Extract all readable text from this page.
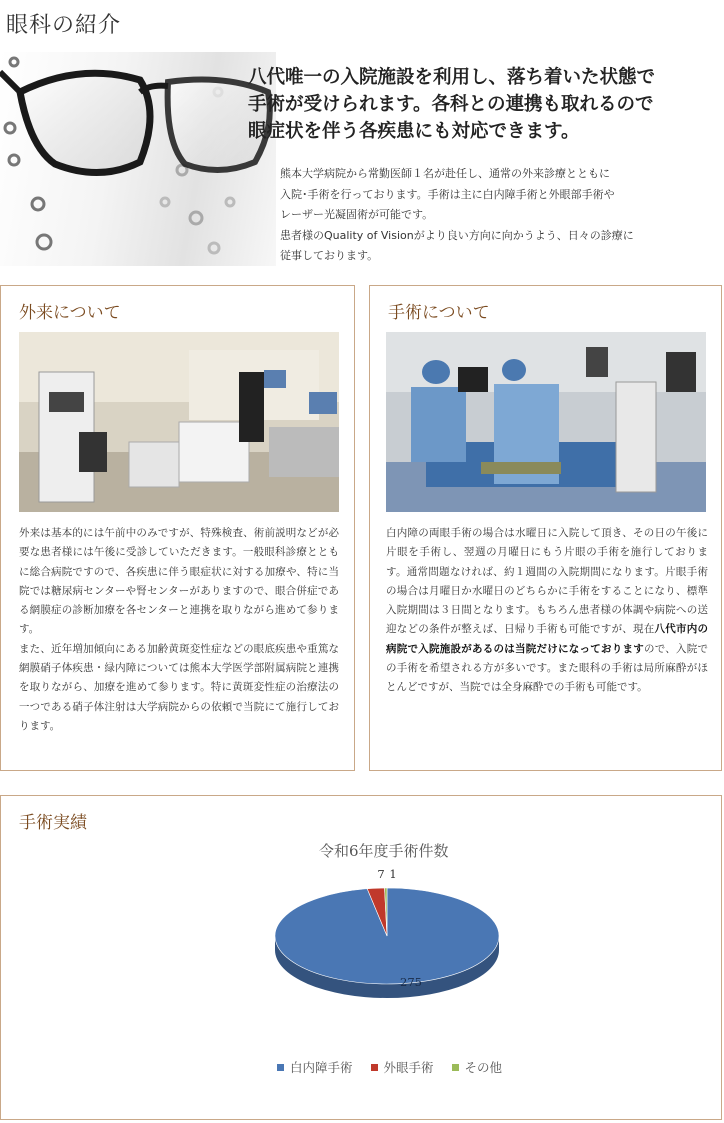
眼科の紹介
八代唯一の入院施設を利用し、落ち着いた状態で
手術が受けられます。各科との連携も取れるので
眼症状を伴う各疾患にも対応できます。
熊本大学病院から常勤医師１名が赴任し、通常の外来診療とともに
入院･手術を行っております。手術は主に白内障手術と外眼部手術や
レーザー光凝固術が可能です。
患者様のQuality of Visionがより良い方向に向かうよう、日々の診療に
従事しております。
外来について

外来は基本的には午前中のみですが、特殊検査、術前説明などが必要な患者様には午後に受診していただきます。一般眼科診療とともに総合病院ですので、各疾患に伴う眼症状に対する加療や、特に当院では糖尿病センターや腎センターがありますので、眼合併症である網膜症の診断加療を各センターと連携を取りながら進めて参ります。

また、近年増加傾向にある加齢黄斑変性症などの眼底疾患や重篤な網膜硝子体疾患・緑内障については熊本大学医学部附属病院と連携を取りながら、加療を進めて参ります。特に黄斑変性症の治療法の一つである硝子体注射は大学病院からの依頼で当院にて施行しております。

手術について

白内障の両眼手術の場合は水曜日に入院して頂き、その日の午後に片眼を手術し、翌週の月曜日にもう片眼の手術を施行しております。通常問題なければ、約１週間の入院期間になります。片眼手術の場合は月曜日か水曜日のどちらかに手術をすることになり、標準入院期間は３日間となります。もちろん患者様の体調や病院への送迎などの条件が整えば、日帰り手術も可能ですが、現在八代市内の病院で入院施設があるのは当院だけになっておりますので、入院での手術を希望される方が多いです。また眼科の手術は局所麻酔がほとんどですが、当院では全身麻酔での手術も可能です。

手術実績
令和6年度手術件数
275
7 1
白内障手術 外眼手術 その他
